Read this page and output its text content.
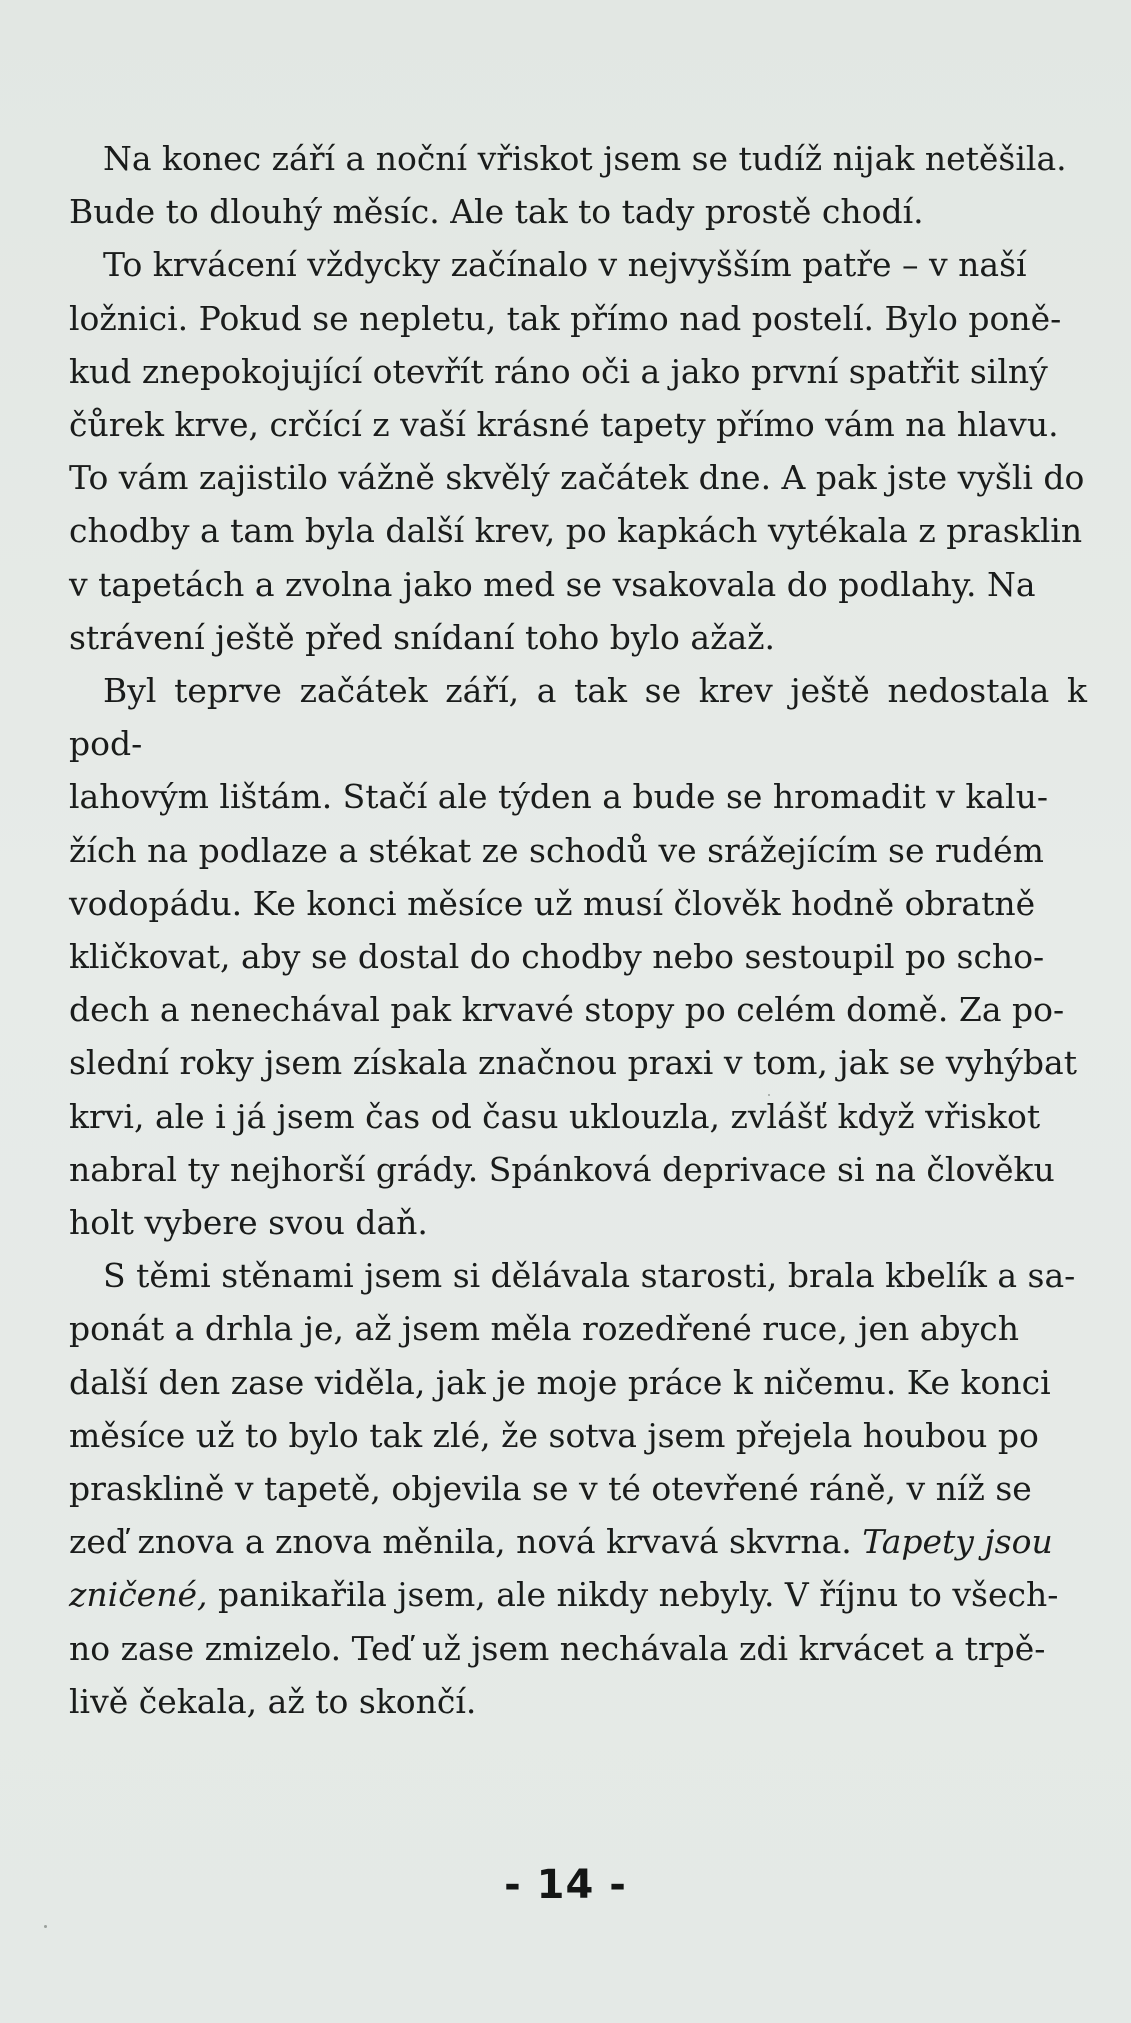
Na konec září a noční vřiskot jsem se tudíž nijak netěšila.
Bude to dlouhý měsíc. Ale tak to tady prostě chodí.

To krvácení vždycky začínalo v nejvyšším patře – v naší
ložnici. Pokud se nepletu, tak přímo nad postelí. Bylo poně-
kud znepokojující otevřít ráno oči a jako první spatřit silný
čůrek krve, crčící z vaší krásné tapety přímo vám na hlavu.
To vám zajistilo vážně skvělý začátek dne. A pak jste vyšli do
chodby a tam byla další krev, po kapkách vytékala z prasklin
v tapetách a zvolna jako med se vsakovala do podlahy. Na
strávení ještě před snídaní toho bylo ažaž.

Byl teprve začátek září, a tak se krev ještě nedostala k pod-
lahovým lištám. Stačí ale týden a bude se hromadit v kalu-
žích na podlaze a stékat ze schodů ve srážejícím se rudém
vodopádu. Ke konci měsíce už musí člověk hodně obratně
kličkovat, aby se dostal do chodby nebo sestoupil po scho-
dech a nenechával pak krvavé stopy po celém domě. Za po-
slední roky jsem získala značnou praxi v tom, jak se vyhýbat
krvi, ale i já jsem čas od času uklouzla, zvlášť když vřiskot
nabral ty nejhorší grády. Spánková deprivace si na člověku
holt vybere svou daň.

S těmi stěnami jsem si dělávala starosti, brala kbelík a sa-
ponát a drhla je, až jsem měla rozedřené ruce, jen abych
další den zase viděla, jak je moje práce k ničemu. Ke konci
měsíce už to bylo tak zlé, že sotva jsem přejela houbou po
prasklině v tapetě, objevila se v té otevřené ráně, v níž se
zeď znova a znova měnila, nová krvavá skvrna. Tapety jsou
zničené, panikařila jsem, ale nikdy nebyly. V říjnu to všech-
no zase zmizelo. Teď už jsem nechávala zdi krvácet a trpě-
livě čekala, až to skončí.

- 14 -
